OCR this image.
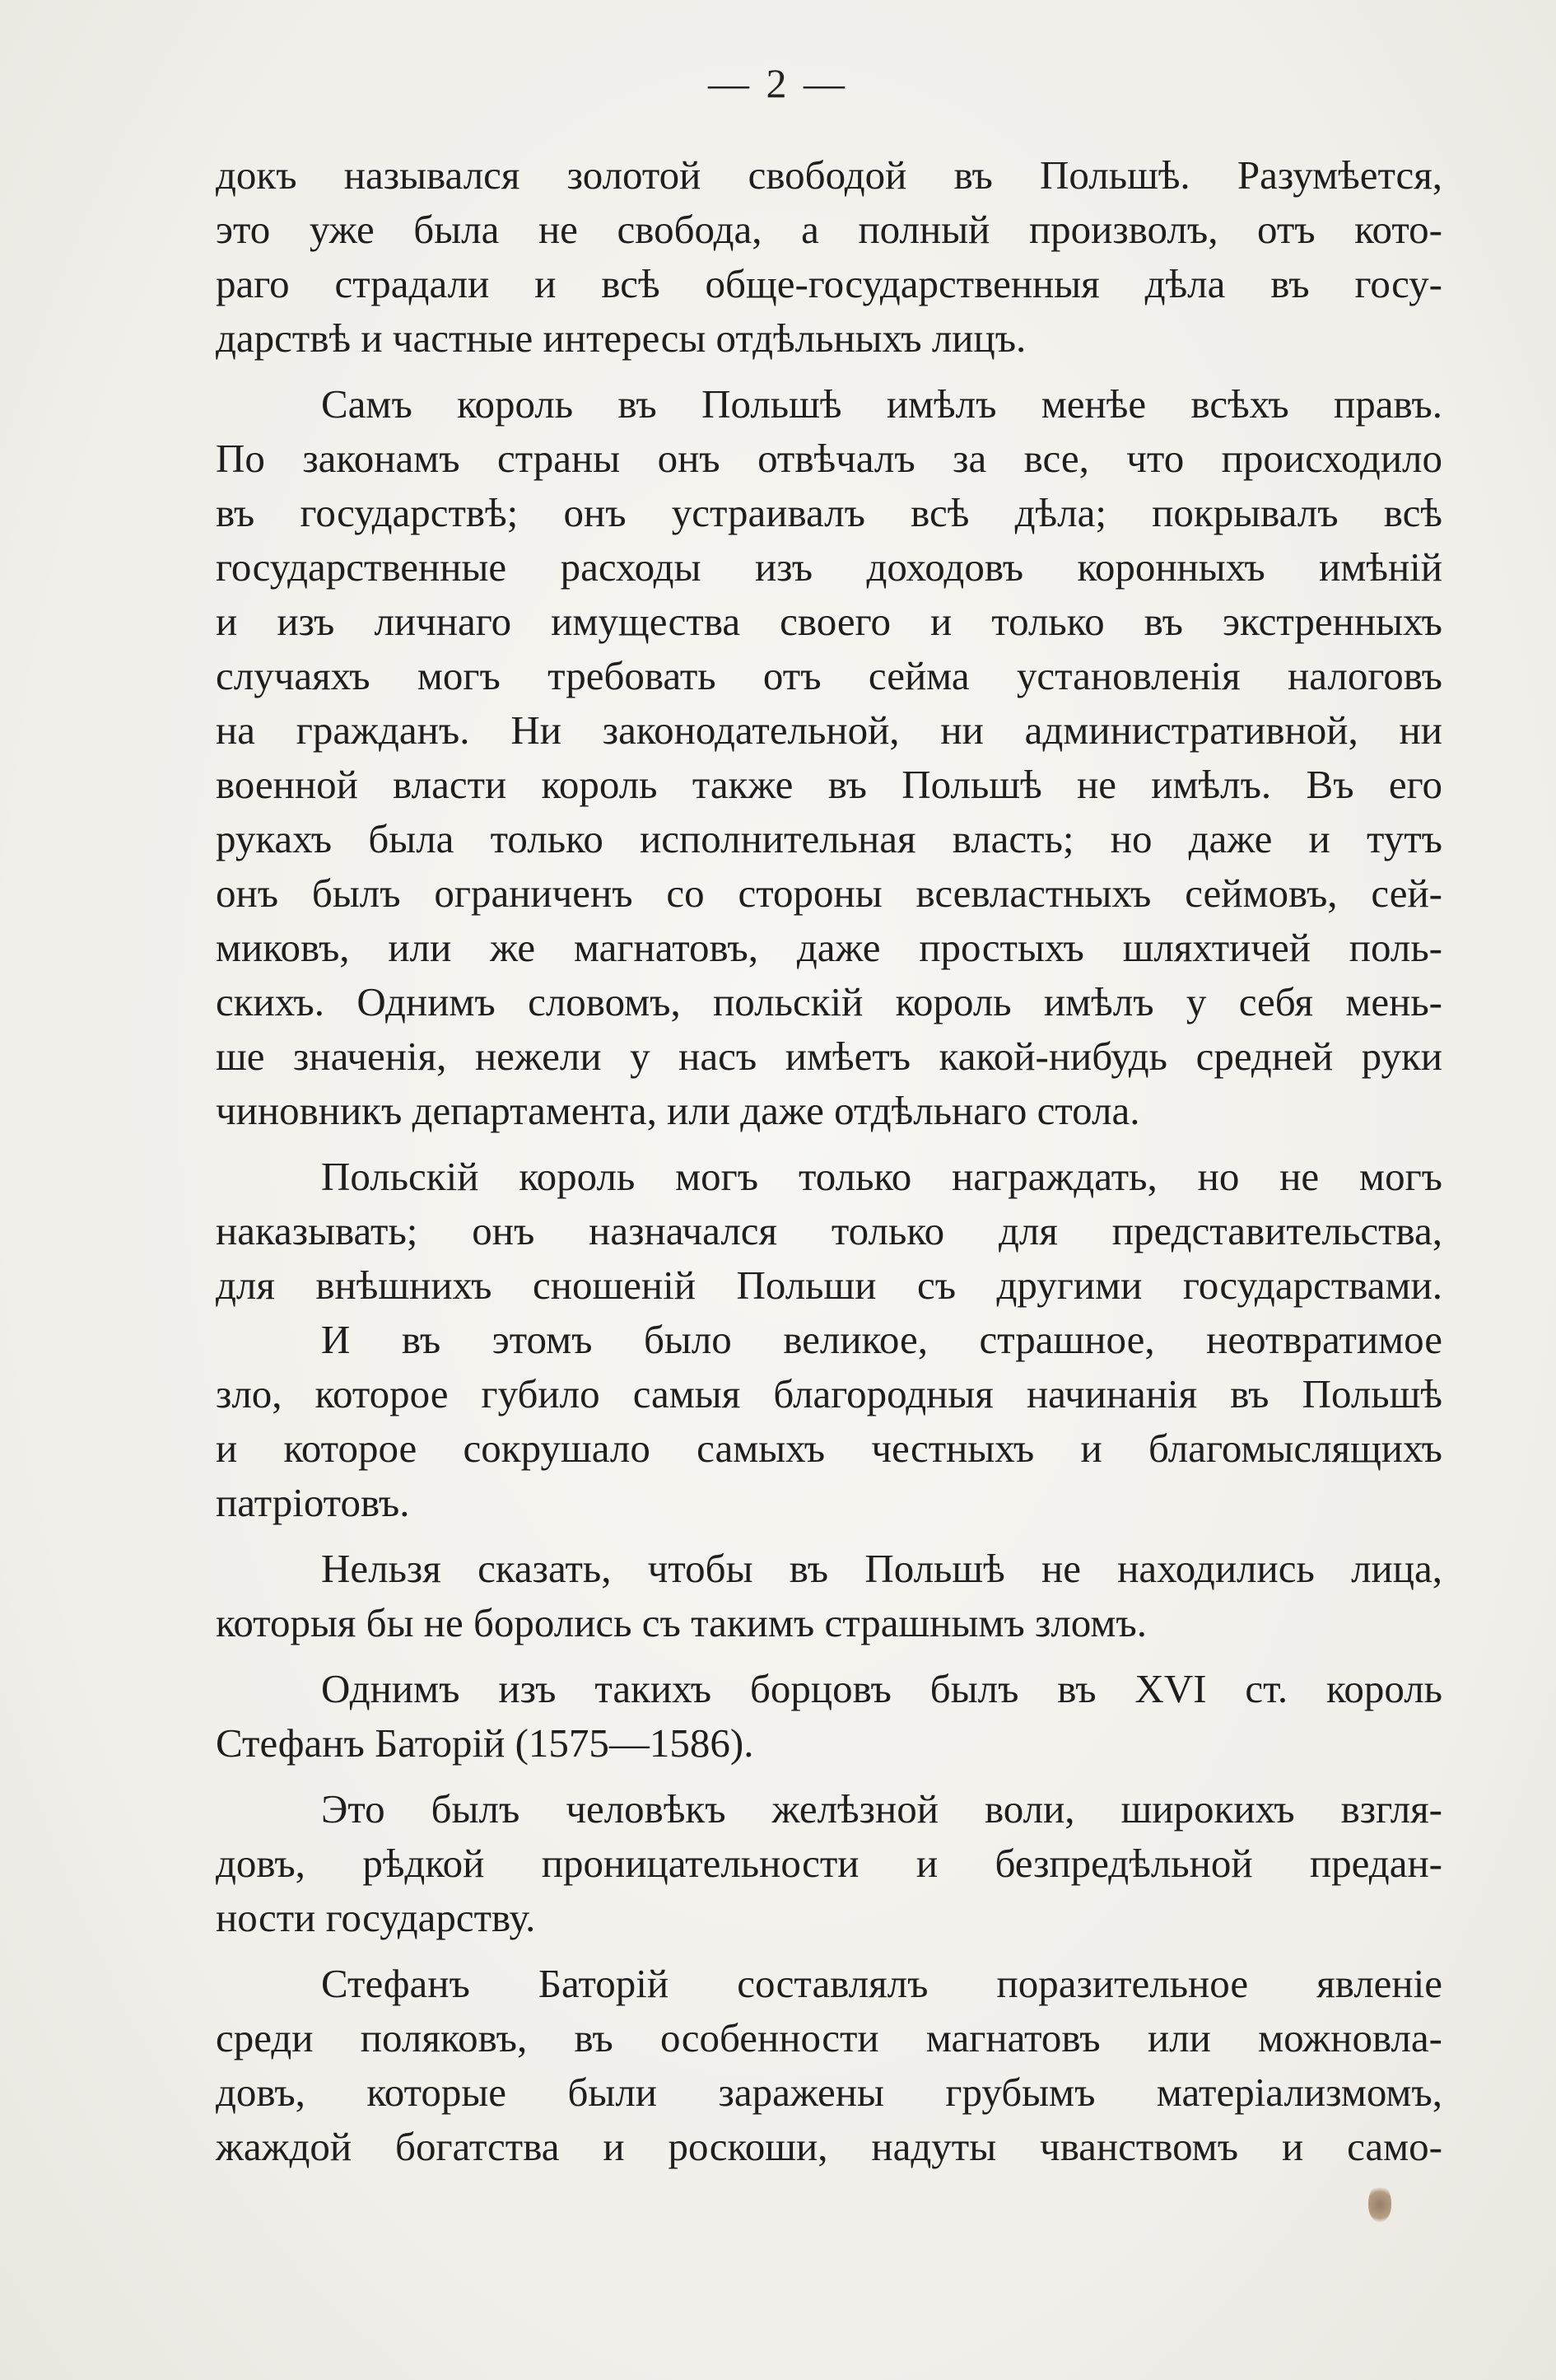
— 2 —
докъ назывался золотой свободой въ Польшѣ. Разумѣется,
это уже была не свобода, а полный произволъ, отъ кото-
раго страдали и всѣ обще-государственныя дѣла въ госу-
дарствѣ и частные интересы отдѣльныхъ лицъ.
Самъ король въ Польшѣ имѣлъ менѣе всѣхъ правъ.
По законамъ страны онъ отвѣчалъ за все, что происходило
въ государствѣ; онъ устраивалъ всѣ дѣла; покрывалъ всѣ
государственные расходы изъ доходовъ коронныхъ имѣній
и изъ личнаго имущества своего и только въ экстренныхъ
случаяхъ могъ требовать отъ сейма установленія налоговъ
на гражданъ. Ни законодательной, ни административной, ни
военной власти король также въ Польшѣ не имѣлъ. Въ его
рукахъ была только исполнительная власть; но даже и тутъ
онъ былъ ограниченъ со стороны всевластныхъ сеймовъ, сей-
миковъ, или же магнатовъ, даже простыхъ шляхтичей поль-
скихъ. Однимъ словомъ, польскій король имѣлъ у себя мень-
ше значенія, нежели у насъ имѣетъ какой-нибудь средней руки
чиновникъ департамента, или даже отдѣльнаго стола.
Польскій король могъ только награждать, но не могъ
наказывать; онъ назначался только для представительства,
для внѣшнихъ сношеній Польши съ другими государствами.
И въ этомъ было великое, страшное, неотвратимое
зло, которое губило самыя благородныя начинанія въ Польшѣ
и которое сокрушало самыхъ честныхъ и благомыслящихъ
патріотовъ.
Нельзя сказать, чтобы въ Польшѣ не находились лица,
которыя бы не боролись съ такимъ страшнымъ зломъ.
Однимъ изъ такихъ борцовъ былъ въ XVI ст. король
Стефанъ Баторій (1575—1586).
Это былъ человѣкъ желѣзной воли, широкихъ взгля-
довъ, рѣдкой проницательности и безпредѣльной предан-
ности государству.
Стефанъ Баторій составлялъ поразительное явленіе
среди поляковъ, въ особенности магнатовъ или можновла-
довъ, которые были заражены грубымъ матеріализмомъ,
жаждой богатства и роскоши, надуты чванствомъ и само-
